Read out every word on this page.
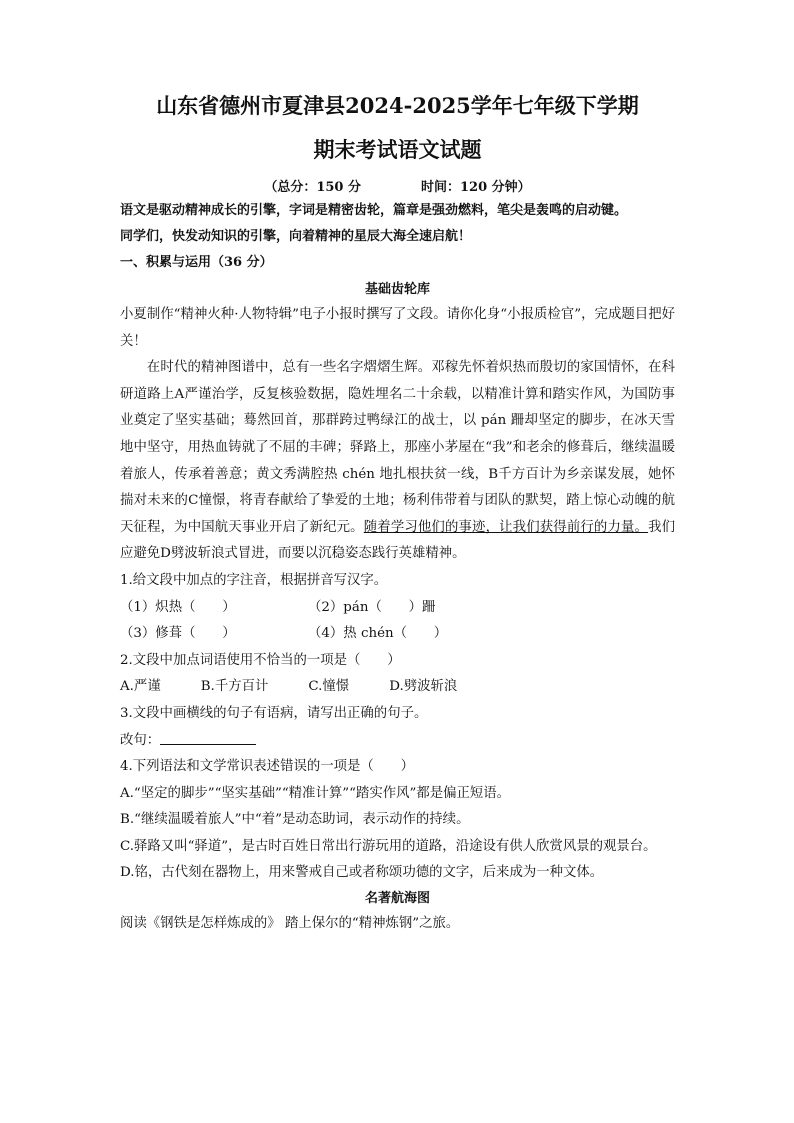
山东省德州市夏津县2024-2025学年七年级下学期
期末考试语文试题
（总分：150 分	时间：120 分钟）
语文是驱动精神成长的引擎，字词是精密齿轮，篇章是强劲燃料，笔尖是轰鸣的启动键。
同学们，快发动知识的引擎，向着精神的星辰大海全速启航！
一、积累与运用（36 分）
基础齿轮库

小夏制作“精神火种·人物特辑”电子小报时撰写了文段。请你化身“小报质检官”，完成题目把好关！

在时代的精神图谱中，总有一些名字熠熠生辉。邓稼先怀着炽热而殷切的家国情怀，在科研道路上A严谨治学，反复核验数据，隐姓埋名二十余载，以精准计算和踏实作风，为国防事业奠定了坚实基础；蓦然回首，那群跨过鸭绿江的战士，以 pán 跚却坚定的脚步，在冰天雪地中坚守，用热血铸就了不屈的丰碑；驿路上，那座小茅屋在“我”和老余的修葺后，继续温暖着旅人，传承着善意；黄文秀满腔热 chén 地扎根扶贫一线，B千方百计为乡亲谋发展，她怀揣对未来的C憧憬，将青春献给了挚爱的土地；杨利伟带着与团队的默契，踏上惊心动魄的航天征程，为中国航天事业开启了新纪元。随着学习他们的事迹，让我们获得前行的力量。我们应避免D劈波斩浪式冒进，而要以沉稳姿态践行英雄精神。

1.给文段中加点的字注音，根据拼音写汉字。

（1）炽热（　　）	（2）pán（　　）跚
（3）修葺（　　）	（4）热 chén（　　）

2.文段中加点词语使用不恰当的一项是（　　）

A.严谨	B.千方百计	C.憧憬	D.劈波斩浪

3.文段中画横线的句子有语病，请写出正确的句子。

改句：

4.下列语法和文学常识表述错误的一项是（　　）

A.“坚定的脚步”“坚实基础”“精准计算”“踏实作风”都是偏正短语。

B.“继续温暖着旅人”中“着”是动态助词，表示动作的持续。

C.驿路又叫“驿道”，是古时百姓日常出行游玩用的道路，沿途设有供人欣赏风景的观景台。

D.铭，古代刻在器物上，用来警戒自己或者称颂功德的文字，后来成为一种文体。

名著航海图

阅读《钢铁是怎样炼成的》 踏上保尔的“精神炼钢”之旅。
